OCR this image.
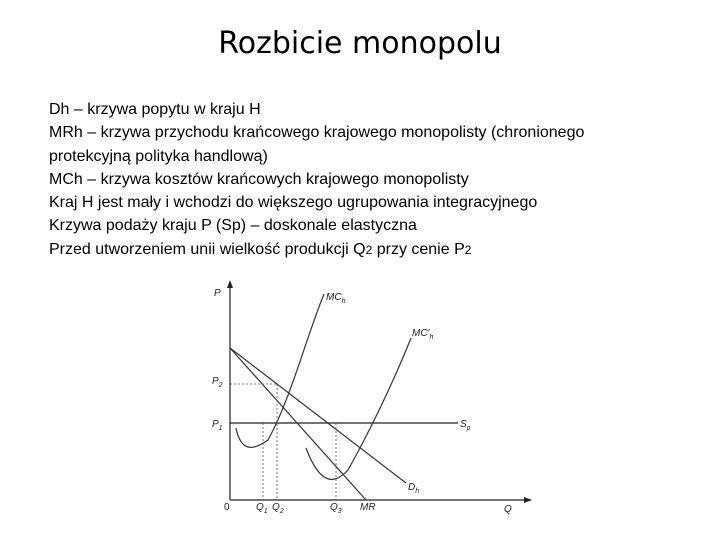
Rozbicie monopolu
Dh – krzywa popytu w kraju H
MRh – krzywa przychodu krańcowego krajowego monopolisty (chronionego
protekcyjną polityka handlową)
MCh – krzywa kosztów krańcowych krajowego monopolisty
Kraj H jest mały i wchodzi do większego ugrupowania integracyjnego
Krzywa podaży kraju P (Sp) – doskonale elastyczna
Przed utworzeniem unii wielkość produkcji Q2 przy cenie P2
P
Q
0
$P_2$
$P_1$
$Q_1$ $Q_2$	$Q_3$ MR
$MC_h$
$MC'_h$
$S_p$
$D_h$
